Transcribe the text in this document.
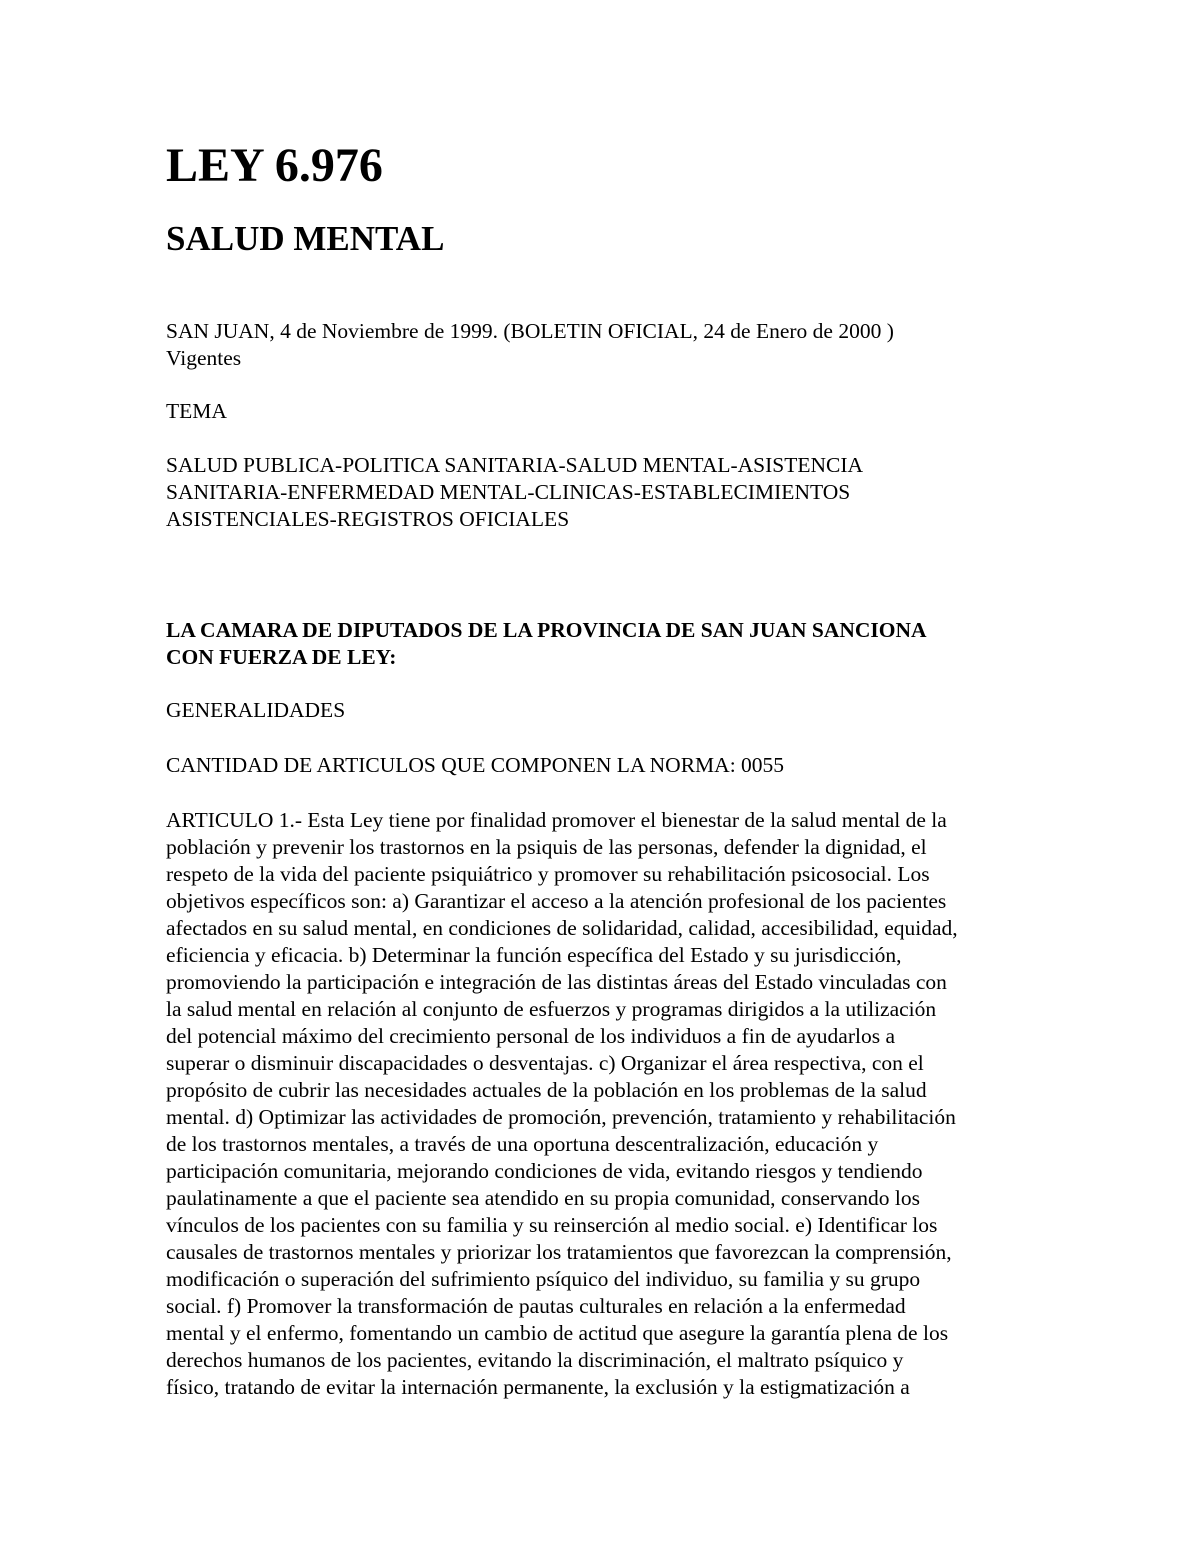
LEY 6.976
SALUD MENTAL
SAN JUAN, 4 de Noviembre de 1999. (BOLETIN OFICIAL, 24 de Enero de 2000 )
Vigentes
TEMA
SALUD PUBLICA-POLITICA SANITARIA-SALUD MENTAL-ASISTENCIA
SANITARIA-ENFERMEDAD MENTAL-CLINICAS-ESTABLECIMIENTOS
ASISTENCIALES-REGISTROS OFICIALES
LA CAMARA DE DIPUTADOS DE LA PROVINCIA DE SAN JUAN SANCIONA
CON FUERZA DE LEY:
GENERALIDADES
CANTIDAD DE ARTICULOS QUE COMPONEN LA NORMA: 0055
ARTICULO 1.- Esta Ley tiene por finalidad promover el bienestar de la salud mental de la
población y prevenir los trastornos en la psiquis de las personas, defender la dignidad, el
respeto de la vida del paciente psiquiátrico y promover su rehabilitación psicosocial. Los
objetivos específicos son: a) Garantizar el acceso a la atención profesional de los pacientes
afectados en su salud mental, en condiciones de solidaridad, calidad, accesibilidad, equidad,
eficiencia y eficacia. b) Determinar la función específica del Estado y su jurisdicción,
promoviendo la participación e integración de las distintas áreas del Estado vinculadas con
la salud mental en relación al conjunto de esfuerzos y programas dirigidos a la utilización
del potencial máximo del crecimiento personal de los individuos a fin de ayudarlos a
superar o disminuir discapacidades o desventajas. c) Organizar el área respectiva, con el
propósito de cubrir las necesidades actuales de la población en los problemas de la salud
mental. d) Optimizar las actividades de promoción, prevención, tratamiento y rehabilitación
de los trastornos mentales, a través de una oportuna descentralización, educación y
participación comunitaria, mejorando condiciones de vida, evitando riesgos y tendiendo
paulatinamente a que el paciente sea atendido en su propia comunidad, conservando los
vínculos de los pacientes con su familia y su reinserción al medio social. e) Identificar los
causales de trastornos mentales y priorizar los tratamientos que favorezcan la comprensión,
modificación o superación del sufrimiento psíquico del individuo, su familia y su grupo
social. f) Promover la transformación de pautas culturales en relación a la enfermedad
mental y el enfermo, fomentando un cambio de actitud que asegure la garantía plena de los
derechos humanos de los pacientes, evitando la discriminación, el maltrato psíquico y
físico, tratando de evitar la internación permanente, la exclusión y la estigmatización a
